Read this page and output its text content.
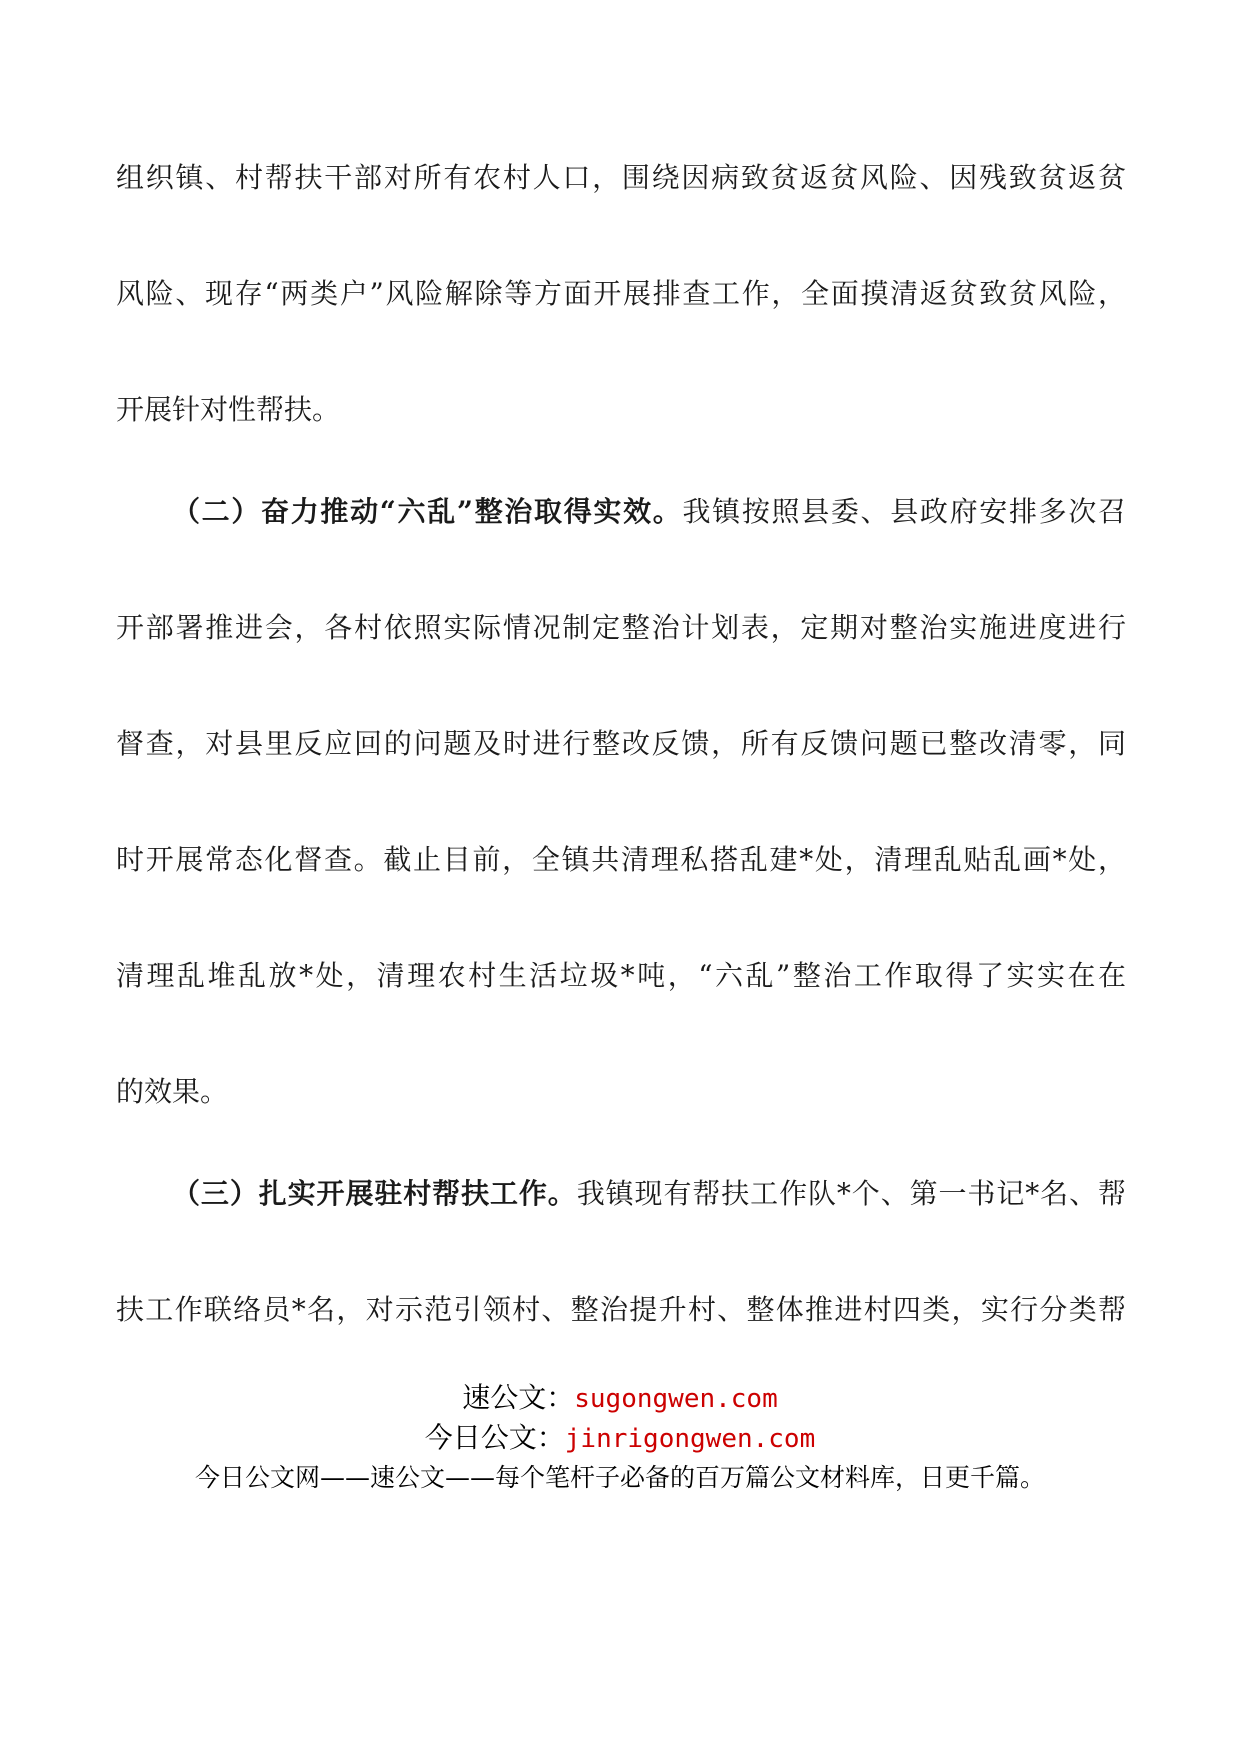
组织镇、村帮扶干部对所有农村人口，围绕因病致贫返贫风险、因残致贫返贫
风险、现存“两类户”风险解除等方面开展排查工作，全面摸清返贫致贫风险，
开展针对性帮扶。
（二）奋力推动“六乱”整治取得实效。我镇按照县委、县政府安排多次召
开部署推进会，各村依照实际情况制定整治计划表，定期对整治实施进度进行
督查，对县里反应回的问题及时进行整改反馈，所有反馈问题已整改清零，同
时开展常态化督查。截止目前，全镇共清理私搭乱建*处，清理乱贴乱画*处，
清理乱堆乱放*处，清理农村生活垃圾*吨，“六乱”整治工作取得了实实在在
的效果。
（三）扎实开展驻村帮扶工作。我镇现有帮扶工作队*个、第一书记*名、帮
扶工作联络员*名，对示范引领村、整治提升村、整体推进村四类，实行分类帮
速公文：sugongwen.com
今日公文：jinrigongwen.com
今日公文网——速公文——每个笔杆子必备的百万篇公文材料库，日更千篇。
